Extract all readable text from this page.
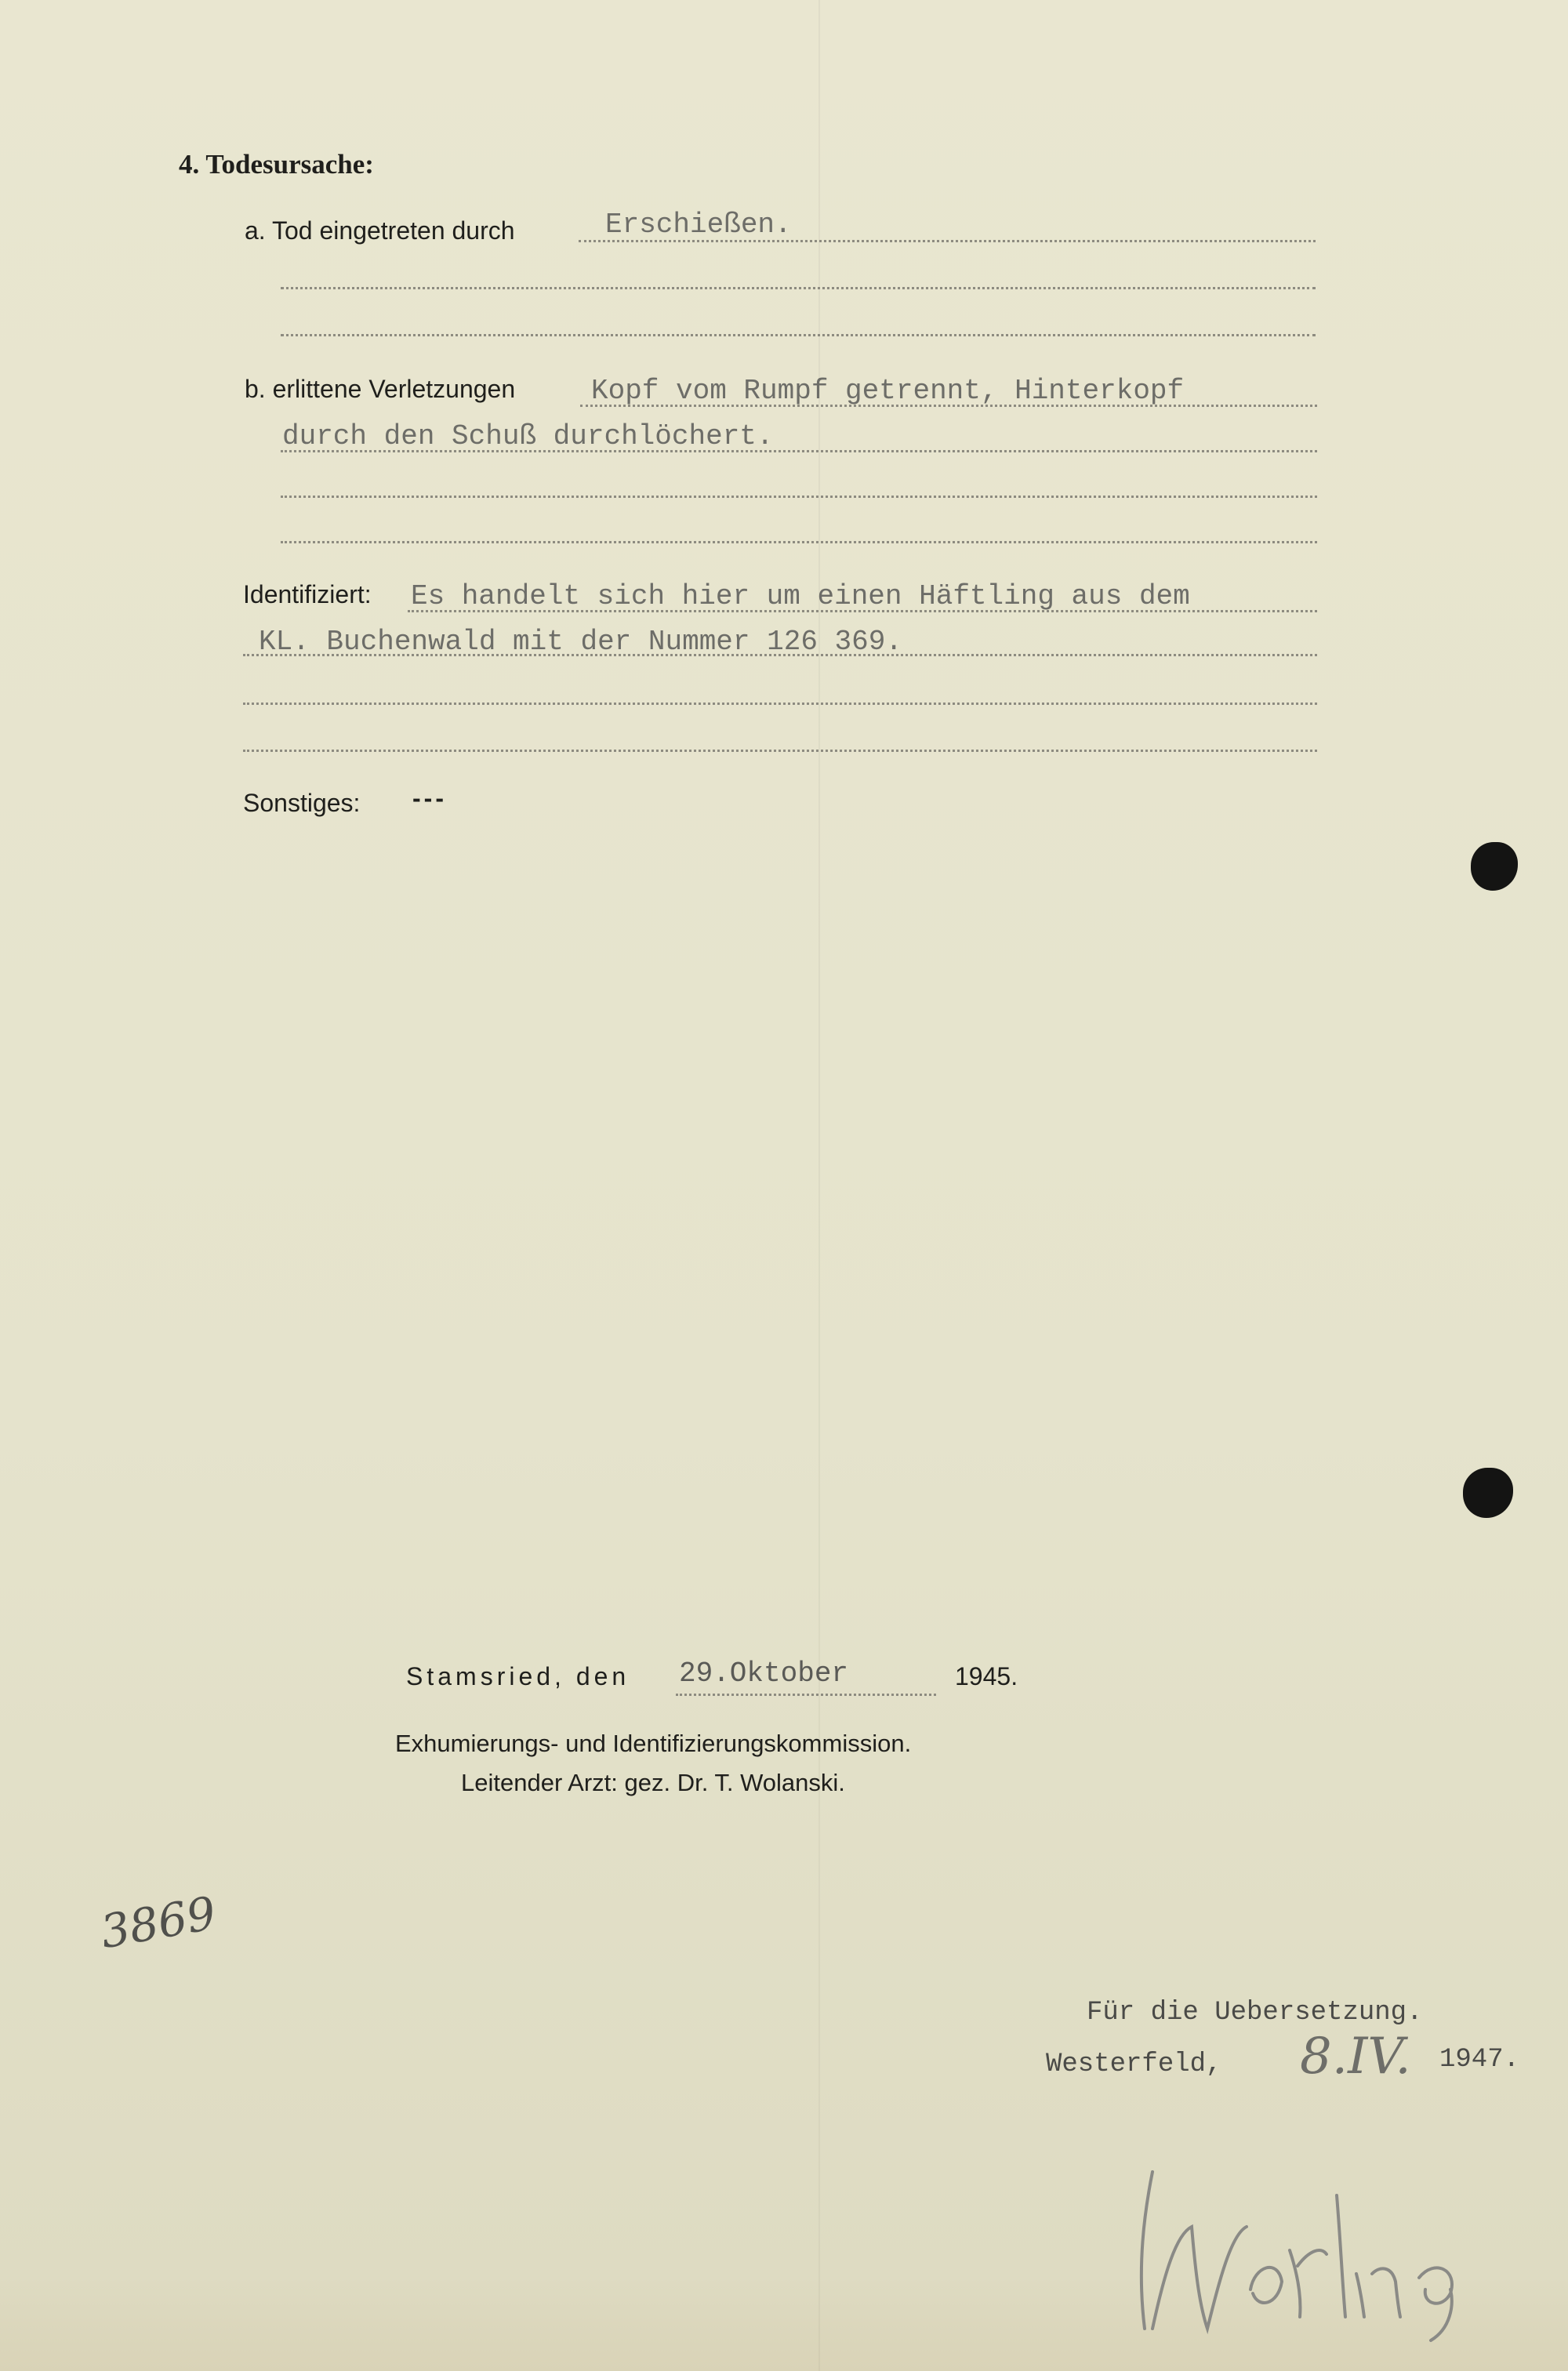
4. Todesursache:
a. Tod eingetreten durch	Erschießen.
b. erlittene Verletzungen	Kopf vom Rumpf getrennt, Hinterkopf
durch den Schuß durchlöchert.
Identifiziert: Es handelt sich hier um einen Häftling aus dem
KL. Buchenwald mit der Nummer 126 369.
Sonstiges: ---
Stamsried, den 29.Oktober	1945.
Exhumierungs- und Identifizierungskommission.
Leitender Arzt: gez. Dr. T. Wolanski.
3869
Für die Uebersetzung.
Westerfeld, 8.IV. 1947.
